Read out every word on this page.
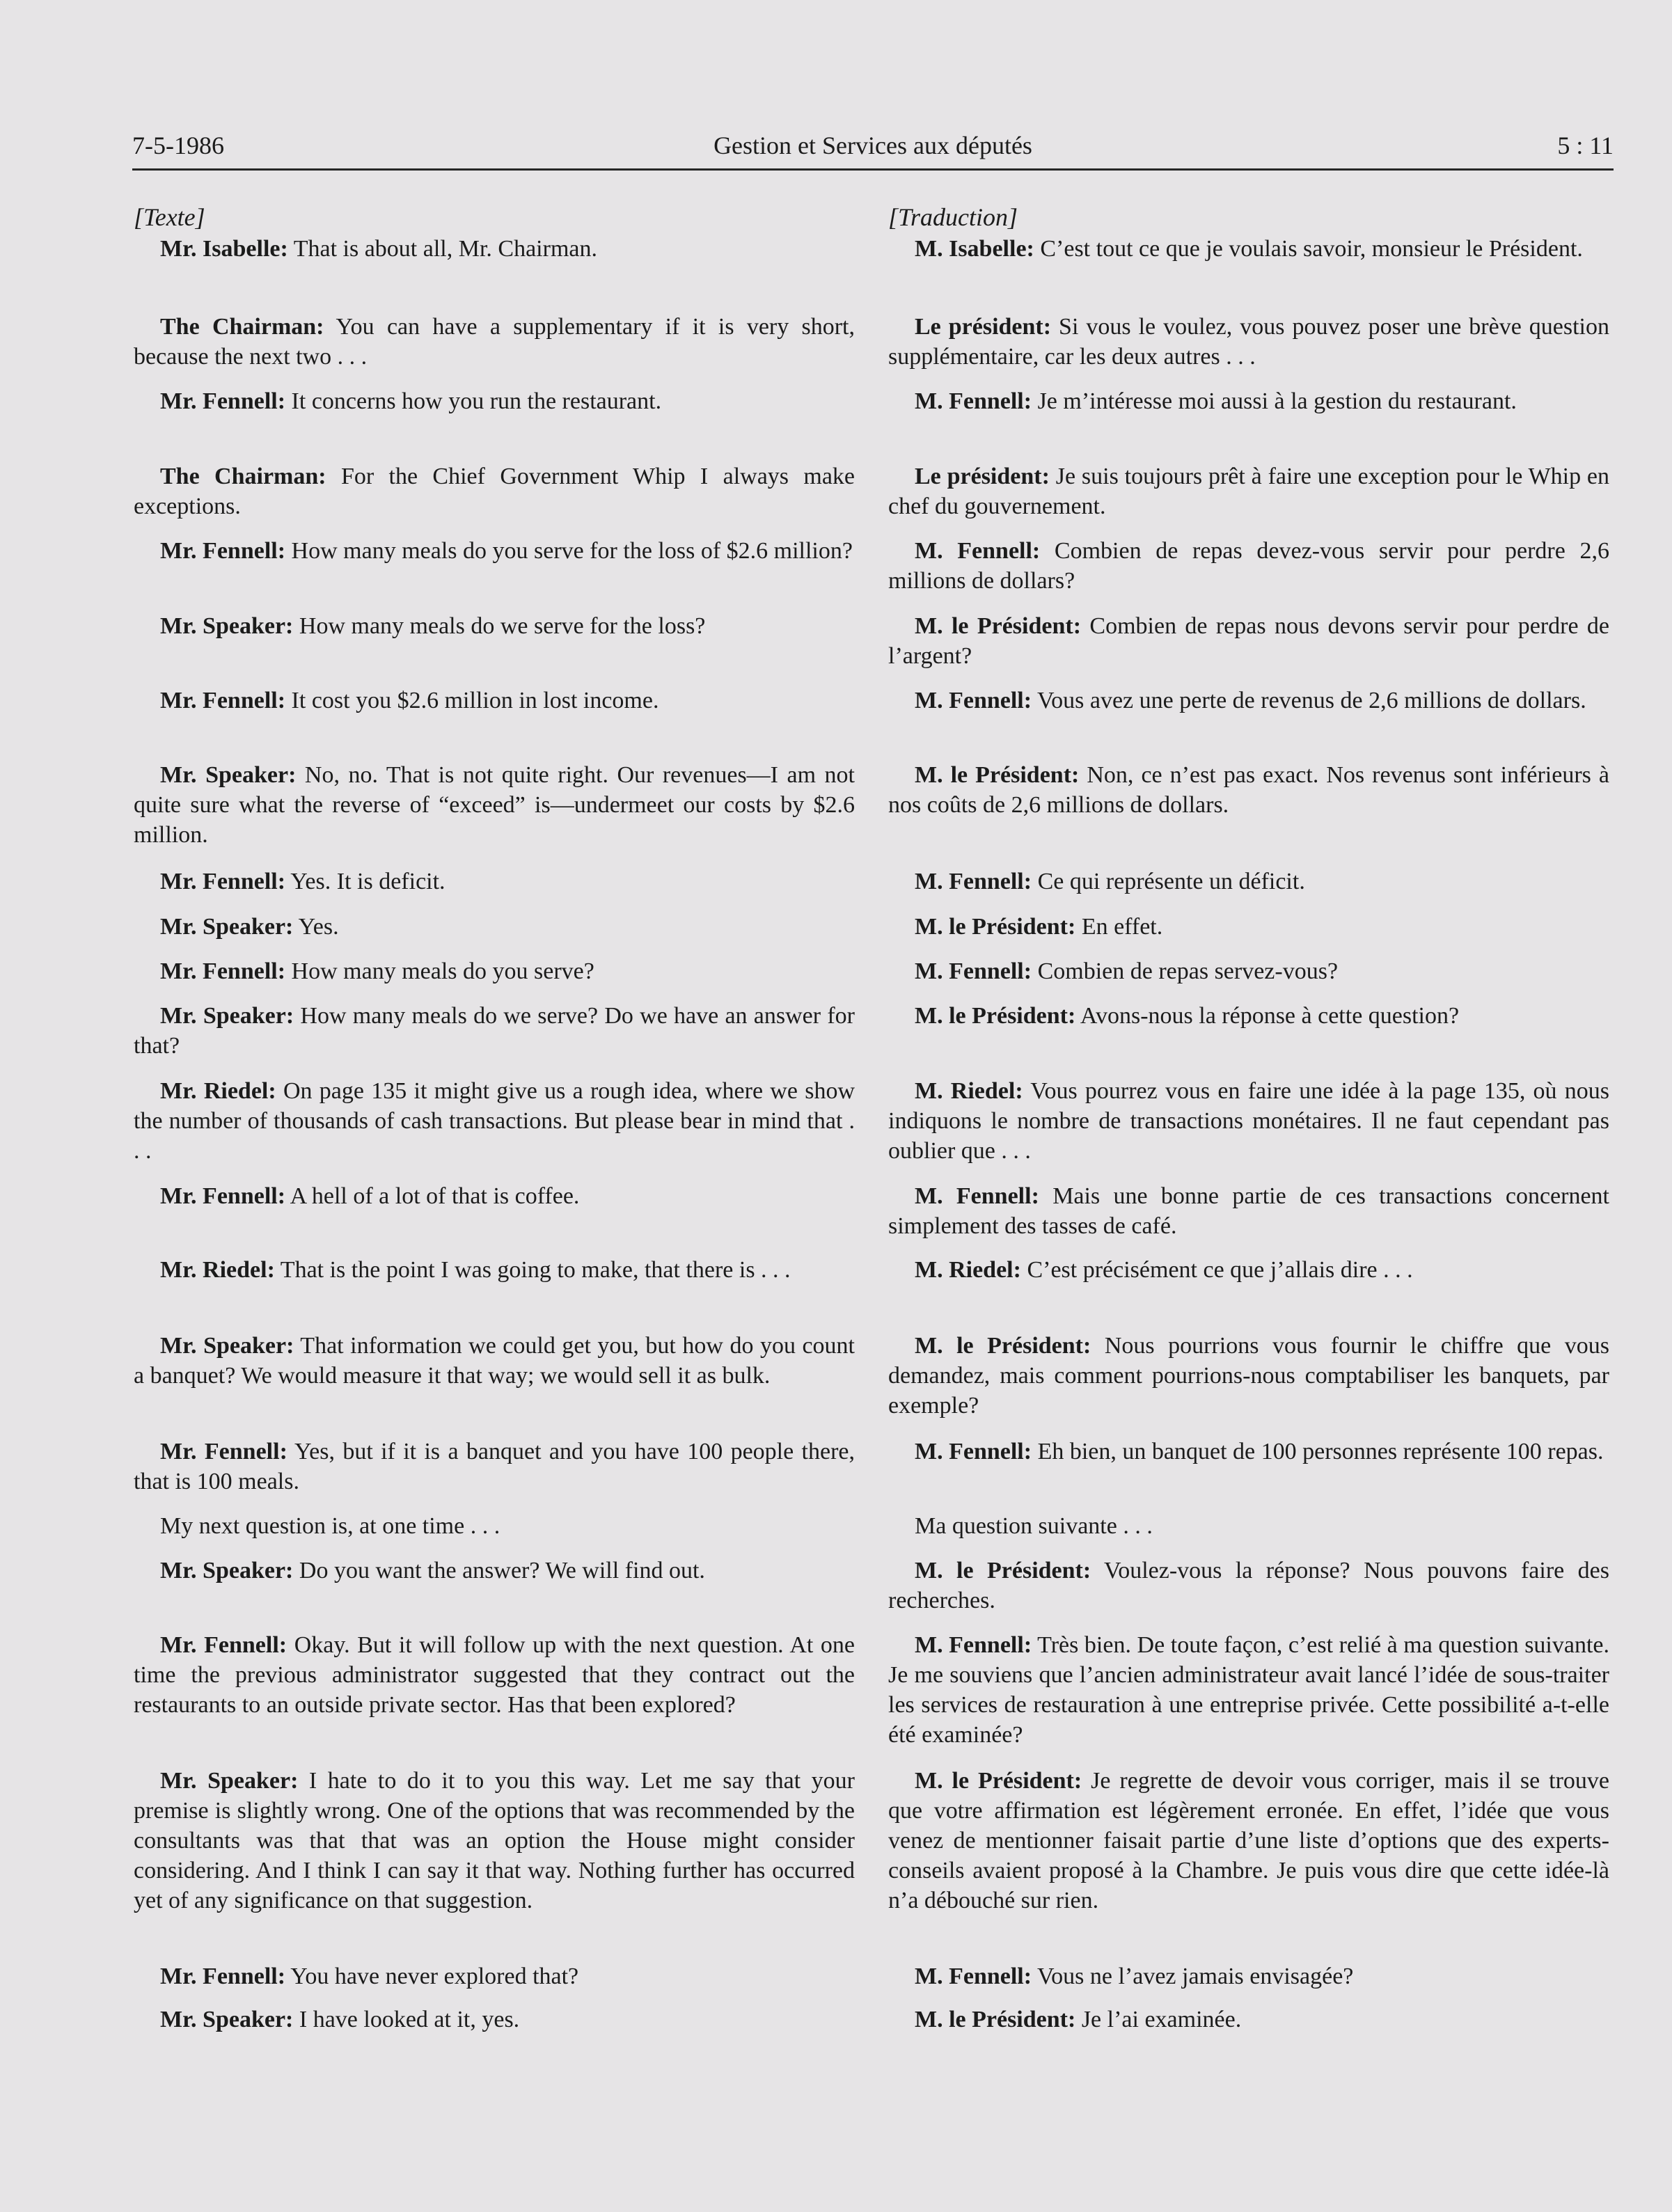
7-5-1986	Gestion et Services aux députés	5 : 11
[Texte]

Mr. Isabelle: That is about all, Mr. Chairman.

The Chairman: You can have a supplementary if it is very short, because the next two . . .

Mr. Fennell: It concerns how you run the restaurant.

The Chairman: For the Chief Government Whip I always make exceptions.

Mr. Fennell: How many meals do you serve for the loss of $2.6 million?

Mr. Speaker: How many meals do we serve for the loss?

Mr. Fennell: It cost you $2.6 million in lost income.

Mr. Speaker: No, no. That is not quite right. Our revenues—I am not quite sure what the reverse of “exceed” is—undermeet our costs by $2.6 million.

Mr. Fennell: Yes. It is deficit.

Mr. Speaker: Yes.

Mr. Fennell: How many meals do you serve?

Mr. Speaker: How many meals do we serve? Do we have an answer for that?

Mr. Riedel: On page 135 it might give us a rough idea, where we show the number of thousands of cash transactions. But please bear in mind that . . .

Mr. Fennell: A hell of a lot of that is coffee.

Mr. Riedel: That is the point I was going to make, that there is . . .

Mr. Speaker: That information we could get you, but how do you count a banquet? We would measure it that way; we would sell it as bulk.

Mr. Fennell: Yes, but if it is a banquet and you have 100 people there, that is 100 meals.

My next question is, at one time . . .

Mr. Speaker: Do you want the answer? We will find out.

Mr. Fennell: Okay. But it will follow up with the next question. At one time the previous administrator suggested that they contract out the restaurants to an outside private sector. Has that been explored?

Mr. Speaker: I hate to do it to you this way. Let me say that your premise is slightly wrong. One of the options that was recommended by the consultants was that that was an option the House might consider considering. And I think I can say it that way. Nothing further has occurred yet of any significance on that suggestion.

Mr. Fennell: You have never explored that?

Mr. Speaker: I have looked at it, yes.

[Traduction]

M. Isabelle: C’est tout ce que je voulais savoir, monsieur le Président.

Le président: Si vous le voulez, vous pouvez poser une brève question supplémentaire, car les deux autres . . .

M. Fennell: Je m’intéresse moi aussi à la gestion du restaurant.

Le président: Je suis toujours prêt à faire une exception pour le Whip en chef du gouvernement.

M. Fennell: Combien de repas devez-vous servir pour perdre 2,6 millions de dollars?

M. le Président: Combien de repas nous devons servir pour perdre de l’argent?

M. Fennell: Vous avez une perte de revenus de 2,6 millions de dollars.

M. le Président: Non, ce n’est pas exact. Nos revenus sont inférieurs à nos coûts de 2,6 millions de dollars.

M. Fennell: Ce qui représente un déficit.

M. le Président: En effet.

M. Fennell: Combien de repas servez-vous?

M. le Président: Avons-nous la réponse à cette question?

M. Riedel: Vous pourrez vous en faire une idée à la page 135, où nous indiquons le nombre de transactions monétaires. Il ne faut cependant pas oublier que . . .

M. Fennell: Mais une bonne partie de ces transactions concernent simplement des tasses de café.

M. Riedel: C’est précisément ce que j’allais dire . . .

M. le Président: Nous pourrions vous fournir le chiffre que vous demandez, mais comment pourrions-nous comptabiliser les banquets, par exemple?

M. Fennell: Eh bien, un banquet de 100 personnes représente 100 repas.

Ma question suivante . . .

M. le Président: Voulez-vous la réponse? Nous pouvons faire des recherches.

M. Fennell: Très bien. De toute façon, c’est relié à ma question suivante. Je me souviens que l’ancien administrateur avait lancé l’idée de sous-traiter les services de restauration à une entreprise privée. Cette possibilité a-t-elle été examinée?

M. le Président: Je regrette de devoir vous corriger, mais il se trouve que votre affirmation est légèrement erronée. En effet, l’idée que vous venez de mentionner faisait partie d’une liste d’options que des experts-conseils avaient proposé à la Chambre. Je puis vous dire que cette idée-là n’a débouché sur rien.

M. Fennell: Vous ne l’avez jamais envisagée?

M. le Président: Je l’ai examinée.
